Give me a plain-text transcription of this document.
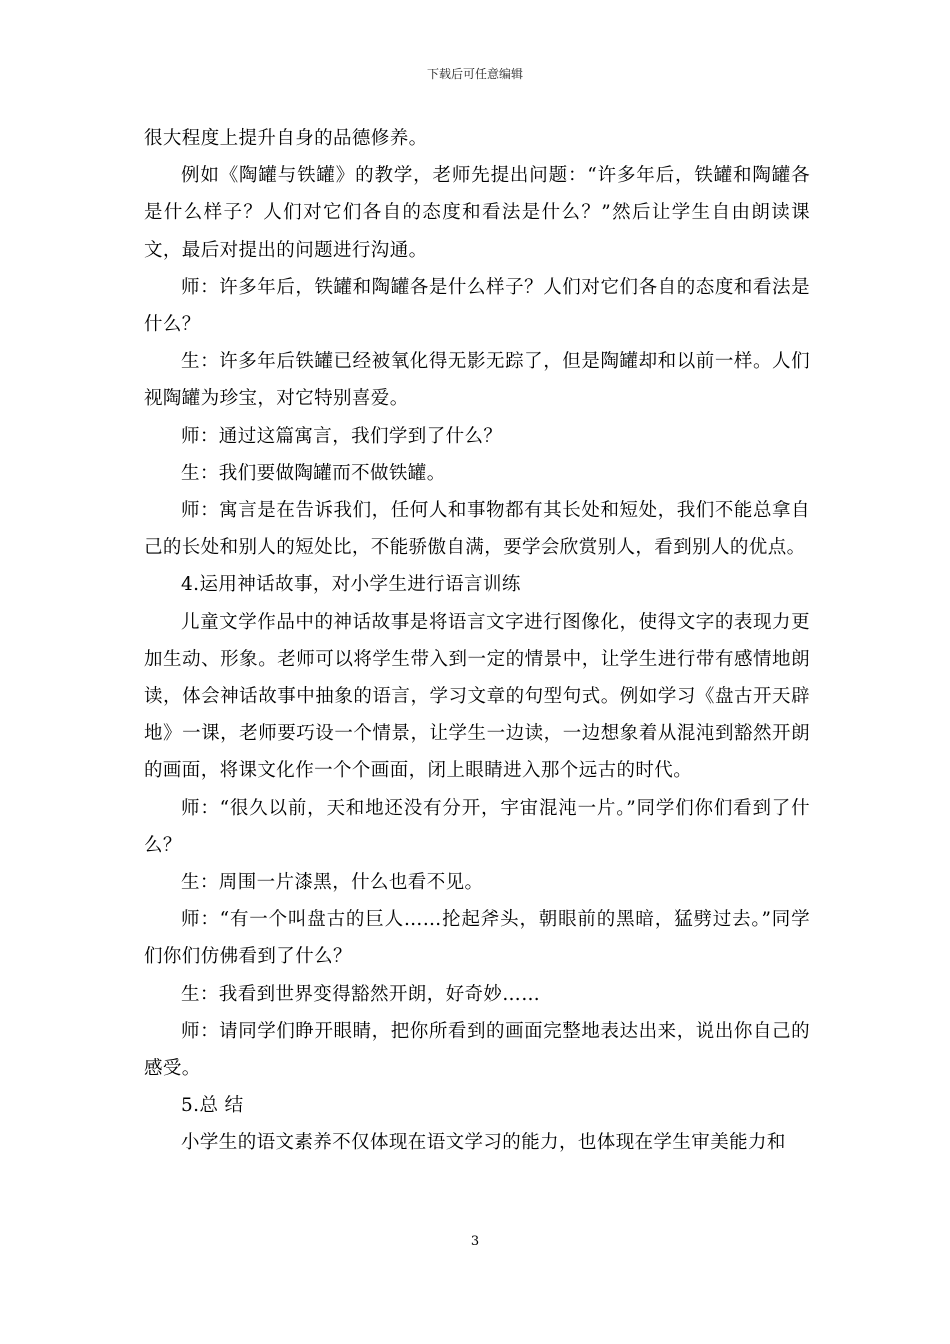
下载后可任意编辑

很大程度上提升自身的品德修养。

例如《陶罐与铁罐》的教学，老师先提出问题：“许多年后，铁罐和陶罐各是什么样子？人们对它们各自的态度和看法是什么？”然后让学生自由朗读课文，最后对提出的问题进行沟通。

师：许多年后，铁罐和陶罐各是什么样子？人们对它们各自的态度和看法是什么？

生：许多年后铁罐已经被氧化得无影无踪了，但是陶罐却和以前一样。人们视陶罐为珍宝，对它特别喜爱。

师：通过这篇寓言，我们学到了什么？

生：我们要做陶罐而不做铁罐。

师：寓言是在告诉我们，任何人和事物都有其长处和短处，我们不能总拿自己的长处和别人的短处比，不能骄傲自满，要学会欣赏别人，看到别人的优点。

4.运用神话故事，对小学生进行语言训练

儿童文学作品中的神话故事是将语言文字进行图像化，使得文字的表现力更加生动、形象。老师可以将学生带入到一定的情景中，让学生进行带有感情地朗读，体会神话故事中抽象的语言，学习文章的句型句式。例如学习《盘古开天辟地》一课，老师要巧设一个情景，让学生一边读，一边想象着从混沌到豁然开朗的画面，将课文化作一个个画面，闭上眼睛进入那个远古的时代。

师：“很久以前，天和地还没有分开，宇宙混沌一片。”同学们你们看到了什么？

生：周围一片漆黑，什么也看不见。

师：“有一个叫盘古的巨人……抡起斧头，朝眼前的黑暗，猛劈过去。”同学们你们仿佛看到了什么？

生：我看到世界变得豁然开朗，好奇妙……

师：请同学们睁开眼睛，把你所看到的画面完整地表达出来，说出你自己的感受。

5.总 结

小学生的语文素养不仅体现在语文学习的能力，也体现在学生审美能力和

3
